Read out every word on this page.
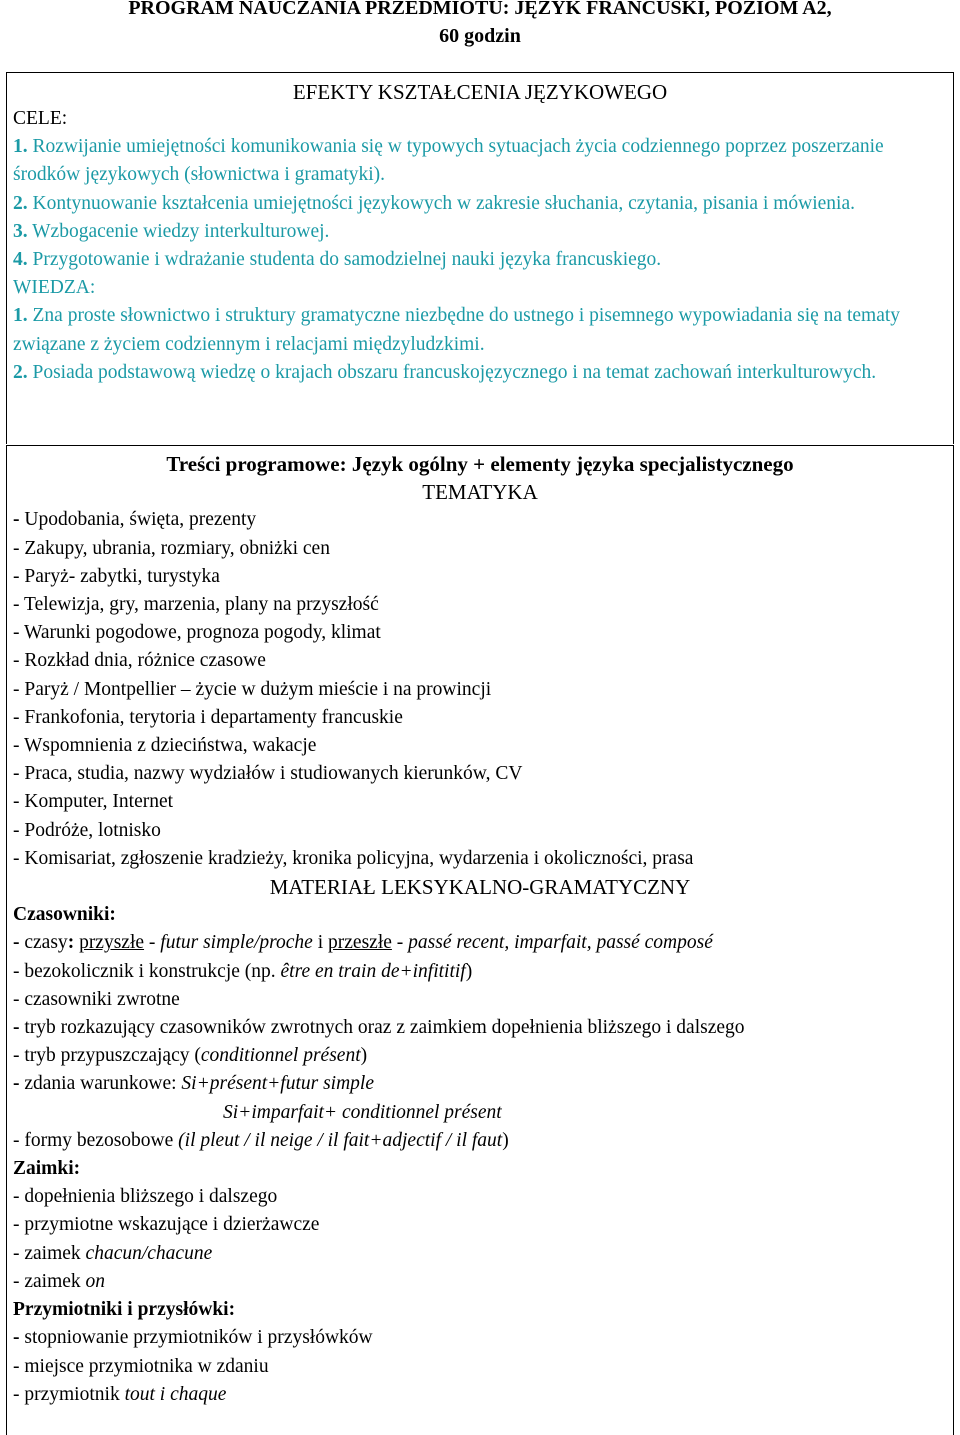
PROGRAM NAUCZANIA PRZEDMIOTU: JĘZYK FRANCUSKI, POZIOM A2,
60 godzin
EFEKTY KSZTAŁCENIA JĘZYKOWEGO
CELE:
1. Rozwijanie umiejętności komunikowania się w typowych sytuacjach życia codziennego poprzez poszerzanie środków językowych (słownictwa i gramatyki).
2. Kontynuowanie kształcenia umiejętności językowych w zakresie słuchania, czytania, pisania i mówienia.
3. Wzbogacenie wiedzy interkulturowej.
4. Przygotowanie i wdrażanie studenta do samodzielnej nauki języka francuskiego.
WIEDZA:
1. Zna proste słownictwo i struktury gramatyczne niezbędne do ustnego i pisemnego wypowiadania się na tematy związane z życiem codziennym i relacjami międzyludzkimi.
2. Posiada podstawową wiedzę o krajach obszaru francuskojęzycznego i na temat zachowań interkulturowych.
Treści programowe: Język ogólny + elementy języka specjalistycznego
TEMATYKA
- Upodobania, święta, prezenty
- Zakupy, ubrania, rozmiary, obniżki cen
- Paryż- zabytki, turystyka
- Telewizja, gry, marzenia, plany na przyszłość
- Warunki pogodowe, prognoza pogody, klimat
- Rozkład dnia, różnice czasowe
- Paryż / Montpellier – życie w dużym mieście i na prowincji
- Frankofonia, terytoria i departamenty francuskie
- Wspomnienia z dzieciństwa, wakacje
- Praca, studia, nazwy wydziałów i studiowanych kierunków, CV
- Komputer, Internet
- Podróże, lotnisko
- Komisariat, zgłoszenie kradzieży, kronika policyjna, wydarzenia i okoliczności, prasa
MATERIAŁ LEKSYKALNO-GRAMATYCZNY
Czasowniki:
- czasy: przyszłe - futur simple/proche i przeszłe - passé recent, imparfait, passé composé
- bezokolicznik i konstrukcje (np. être en train de+infititif)
- czasowniki zwrotne
- tryb rozkazujący czasowników zwrotnych oraz z zaimkiem dopełnienia bliższego i dalszego
- tryb przypuszczający (conditionnel présent)
- zdania warunkowe: Si+présent+futur simple
Si+imparfait+ conditionnel présent
- formy bezosobowe (il pleut / il neige / il fait+adjectif / il faut)
Zaimki:
- dopełnienia bliższego i dalszego
- przymiotne wskazujące i dzierżawcze
- zaimek chacun/chacune
- zaimek on
Przymiotniki i przysłówki:
- stopniowanie przymiotników i przysłówków
- miejsce przymiotnika w zdaniu
- przymiotnik tout i chaque
